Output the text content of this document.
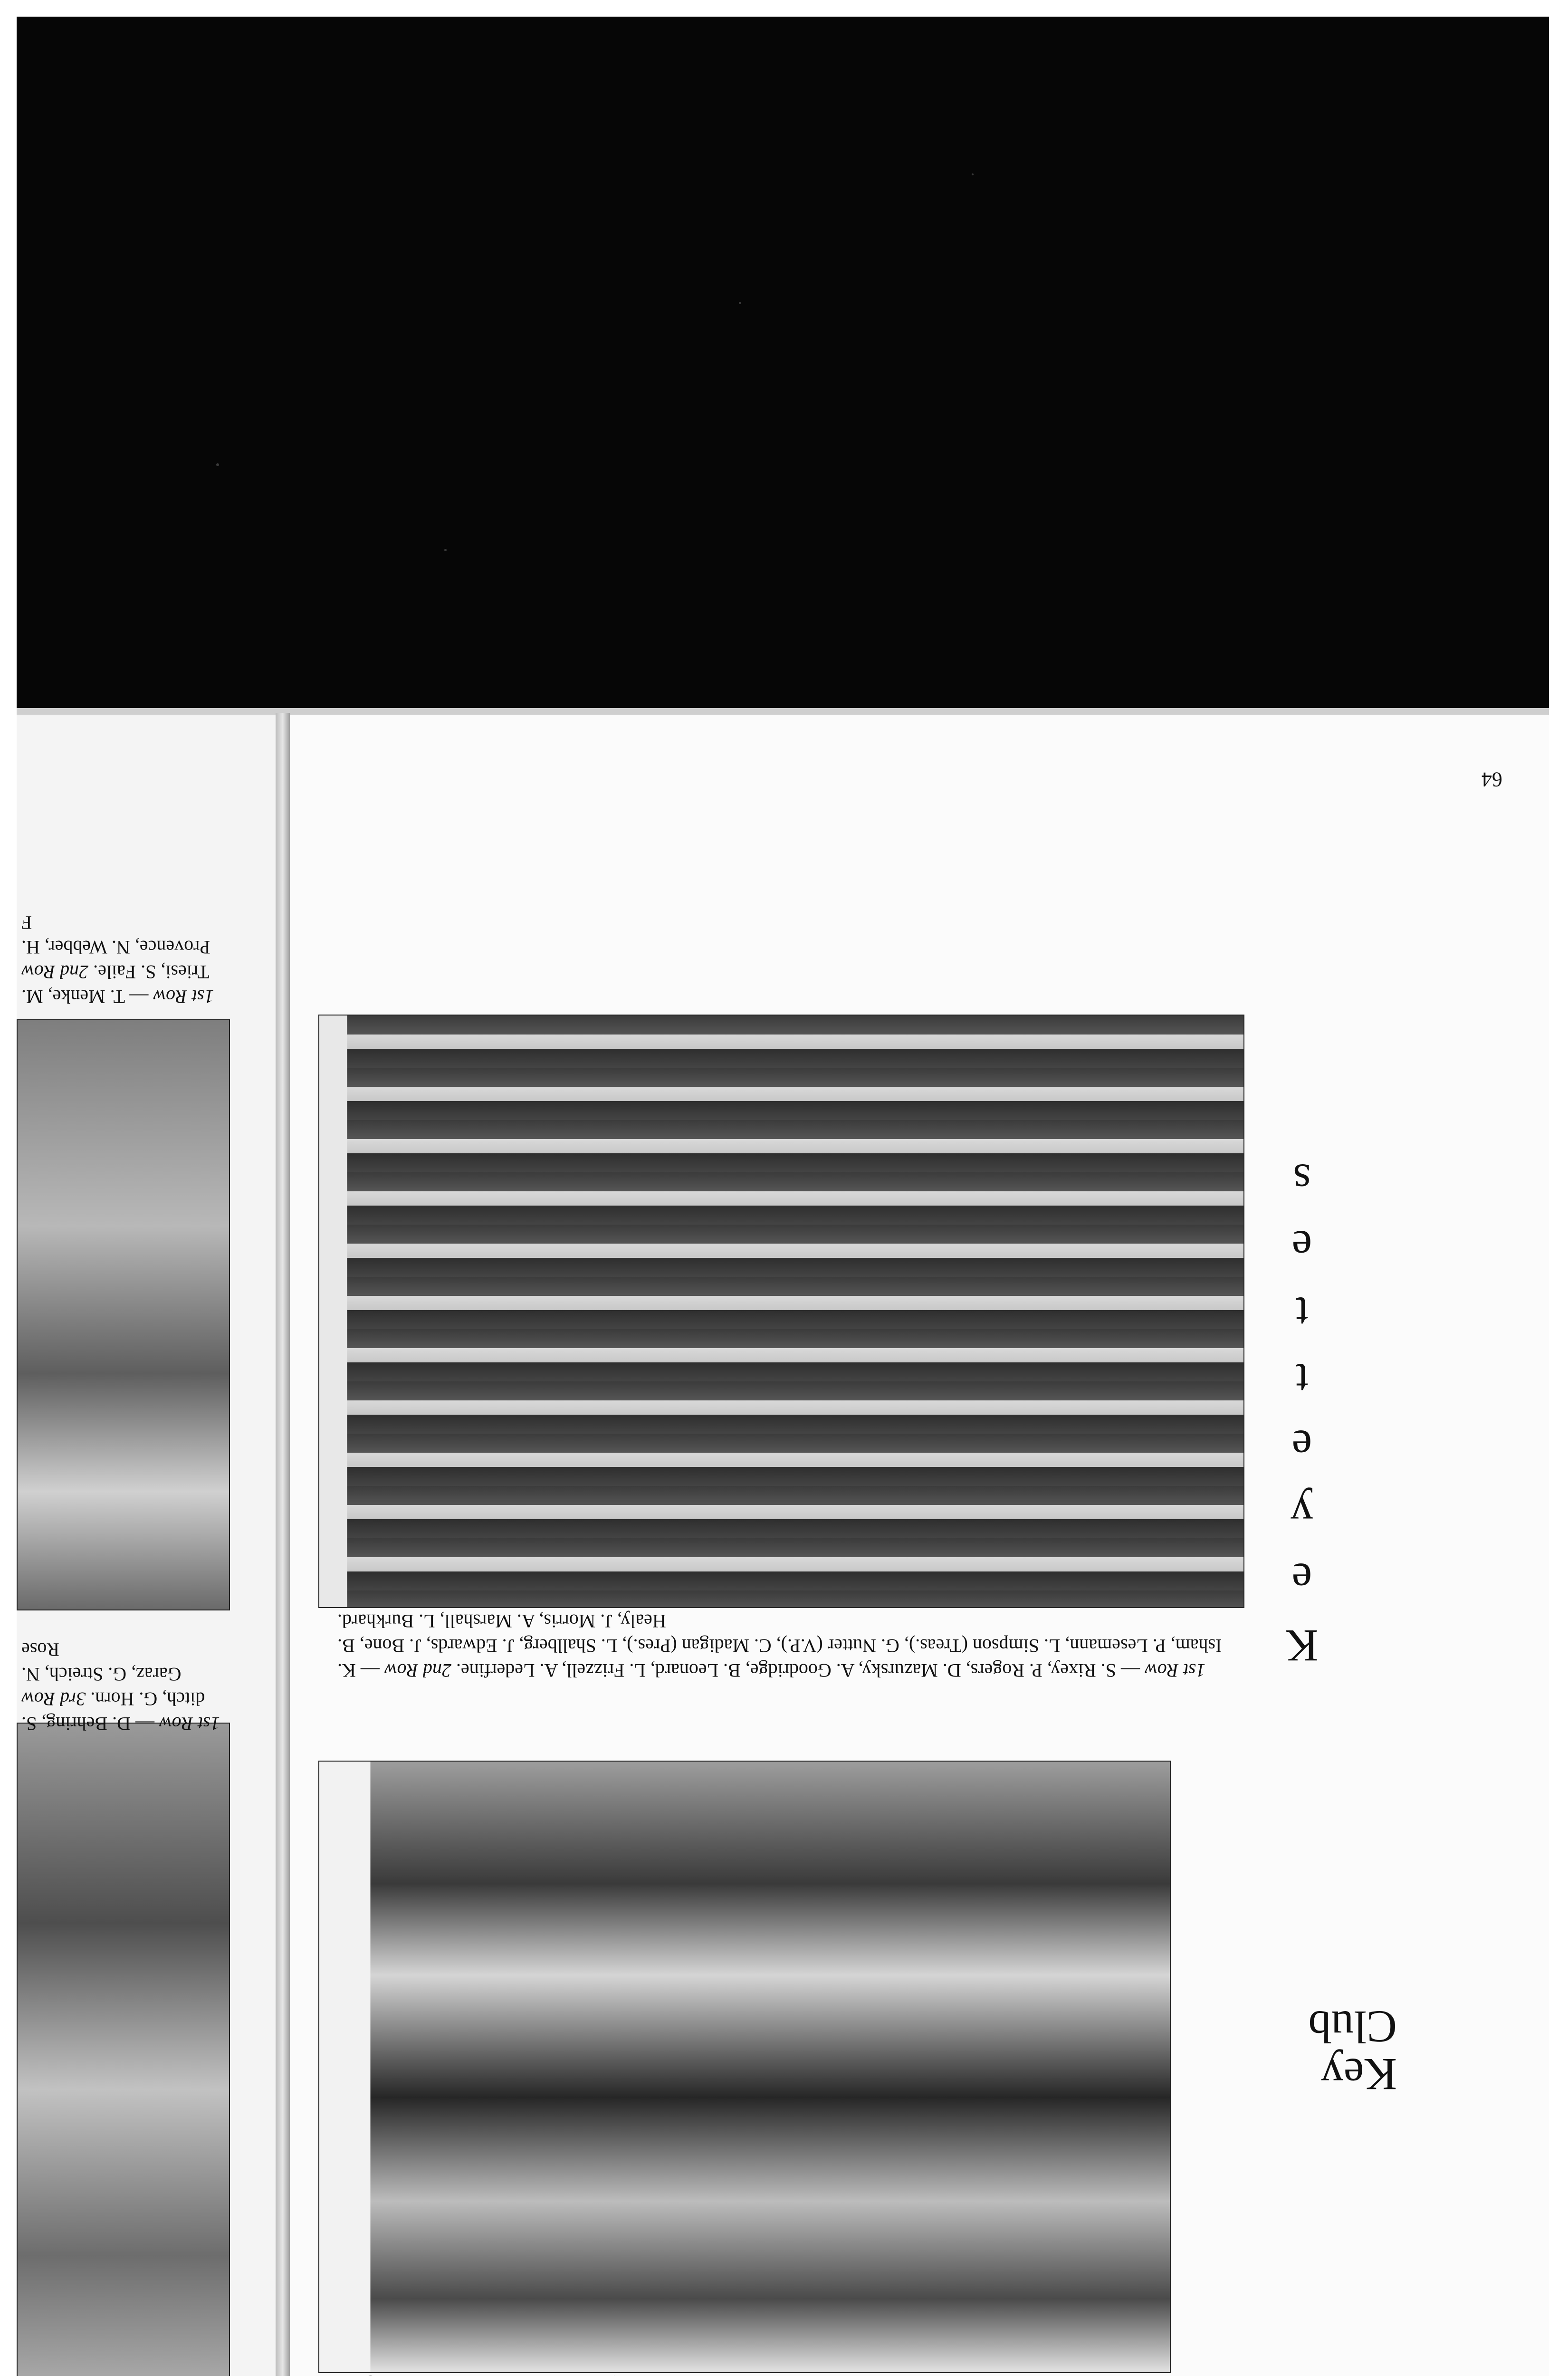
1st Row — D. Behring, S.
ditch, G. Horn. 3rd Row
Garaz, G. Streich, N. Rose
1st Row — T. Menke, M.
Triesi, S. Faile. 2nd Row
Provence, N. Webber, H. F
64
K
e
y
e
t
t
e
s
Key
Club
1st Row — S. Rixey, P. Rogers, D. Mazursky, A. Goodridge, B. Leonard, L. Frizzell, A. Lederfine. 2nd Row — K.
Isham, P. Lesemann, L. Simpson (Treas.), G. Nutter (V.P.), C. Madigan (Pres.), L. Shallberg, J. Edwards, J. Bone, B.
Healy, J. Morris, A. Marshall, L. Burkhard.
